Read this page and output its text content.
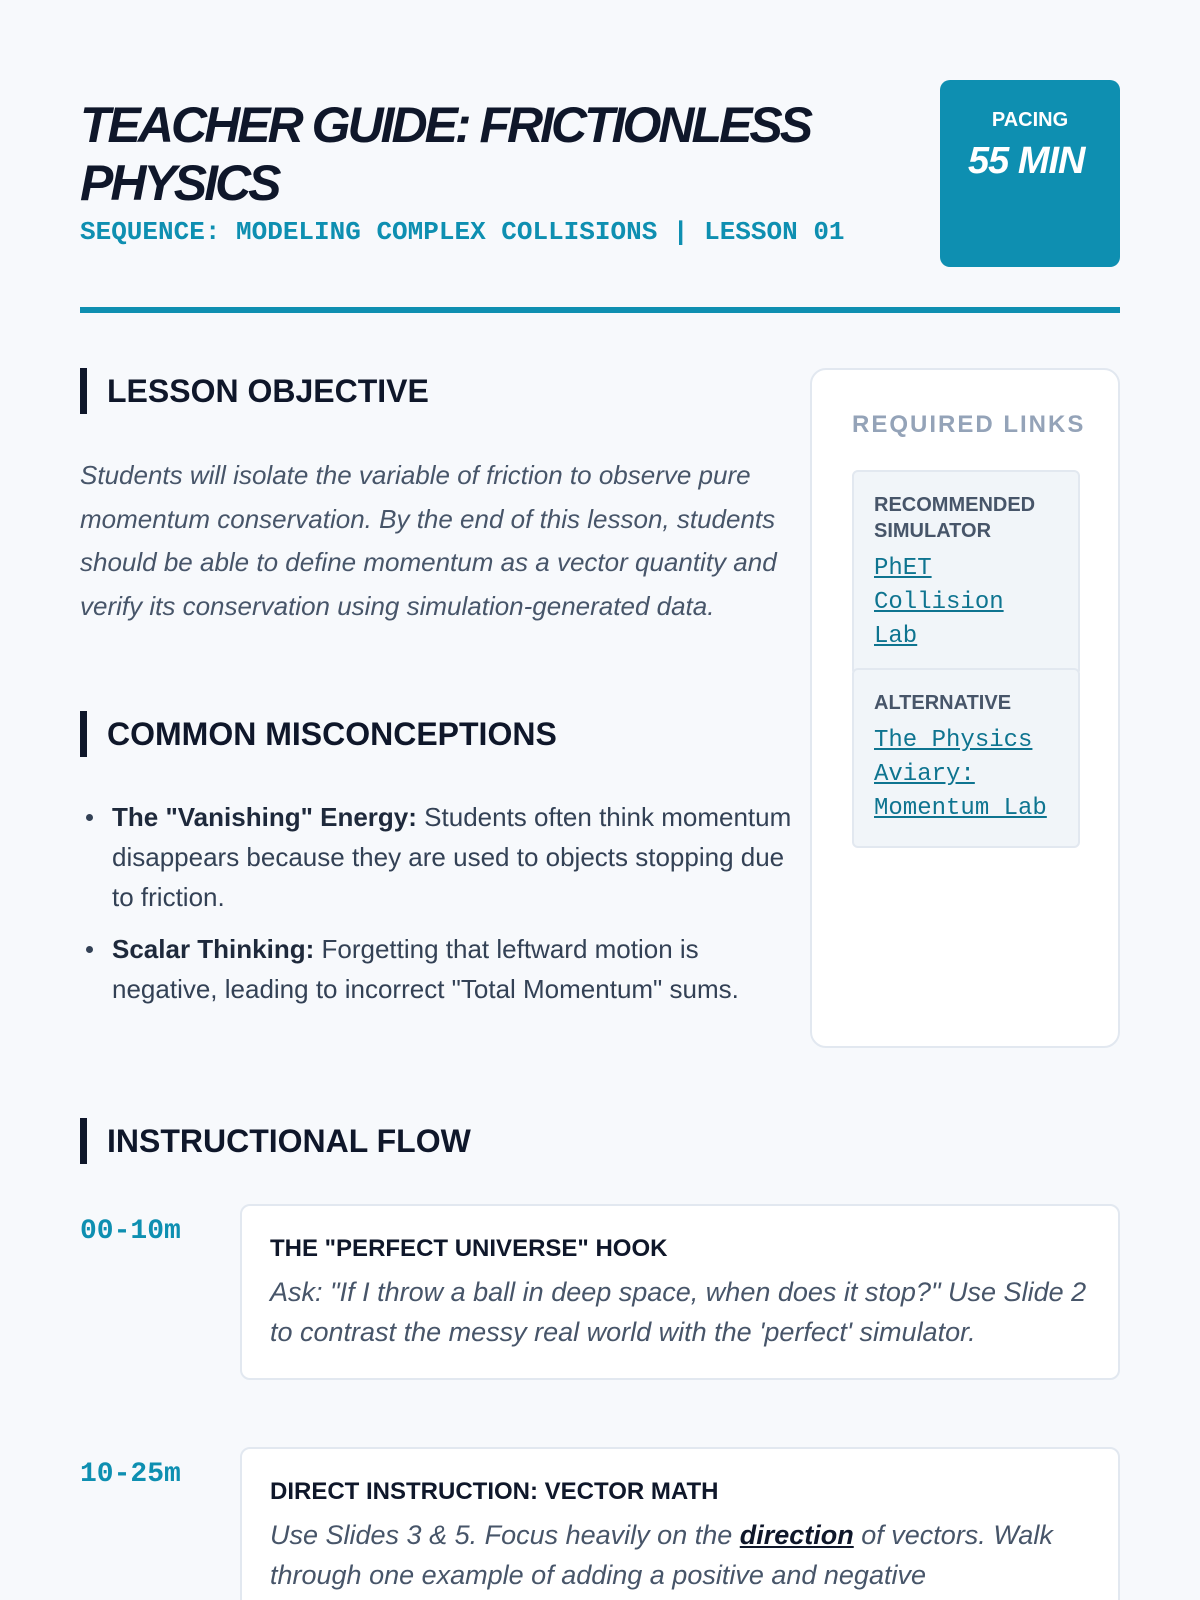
TEACHER GUIDE: FRICTIONLESS PHYSICS
SEQUENCE: MODELING COMPLEX COLLISIONS | LESSON 01
PACING
55 MIN
LESSON OBJECTIVE

Students will isolate the variable of friction to observe pure momentum conservation. By the end of this lesson, students should be able to define momentum as a vector quantity and verify its conservation using simulation-generated data.

COMMON MISCONCEPTIONS
The "Vanishing" Energy: Students often think momentum disappears because they are used to objects stopping due to friction.
Scalar Thinking: Forgetting that leftward motion is negative, leading to incorrect "Total Momentum" sums.
REQUIRED LINKS
RECOMMENDED SIMULATOR
PhET Collision Lab
ALTERNATIVE
The Physics Aviary: Momentum Lab
INSTRUCTIONAL FLOW
00-10m
THE "PERFECT UNIVERSE" HOOK
Ask: "If I throw a ball in deep space, when does it stop?" Use Slide 2 to contrast the messy real world with the 'perfect' simulator.
10-25m
DIRECT INSTRUCTION: VECTOR MATH
Use Slides 3 & 5. Focus heavily on the direction of vectors. Walk through one example of adding a positive and negative
